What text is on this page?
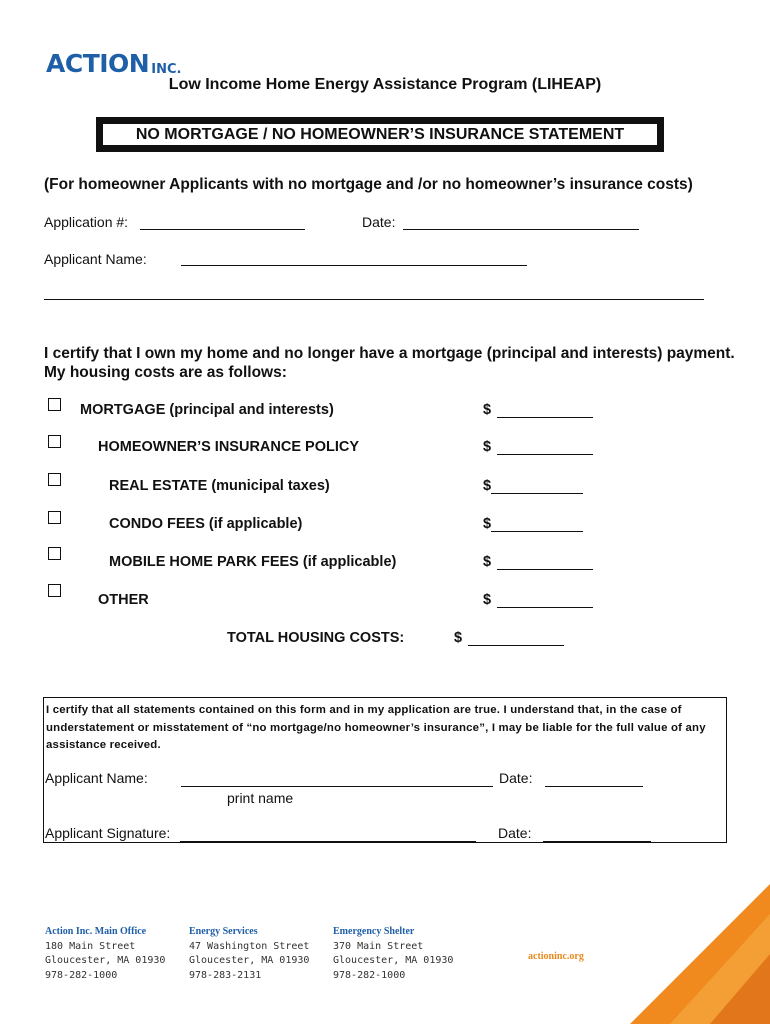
ACTION INC.
Low Income Home Energy Assistance Program (LIHEAP)
NO MORTGAGE / NO HOMEOWNER’S INSURANCE STATEMENT
(For homeowner Applicants with no mortgage and /or no homeowner’s insurance costs)
Application #:	Date:
Applicant Name:
I certify that I own my home and no longer have a mortgage (principal and interests) payment. My housing costs are as follows:
MORTGAGE (principal and interests)	$
HOMEOWNER’S INSURANCE POLICY	$
REAL ESTATE (municipal taxes)	$
CONDO FEES (if applicable)	$
MOBILE HOME PARK FEES (if applicable)	$
OTHER	$
TOTAL HOUSING COSTS:	$
I certify that all statements contained on this form and in my application are true. I understand that, in the case of understatement or misstatement of “no mortgage/no homeowner’s insurance”, I may be liable for the full value of any assistance received.
Applicant Name:	Date:
print name
Applicant Signature:	Date:
Action Inc. Main Office
180 Main Street
Gloucester, MA 01930
978-282-1000
Energy Services
47 Washington Street
Gloucester, MA 01930
978-283-2131
Emergency Shelter
370 Main Street
Gloucester, MA 01930
978-282-1000
actioninc.org
